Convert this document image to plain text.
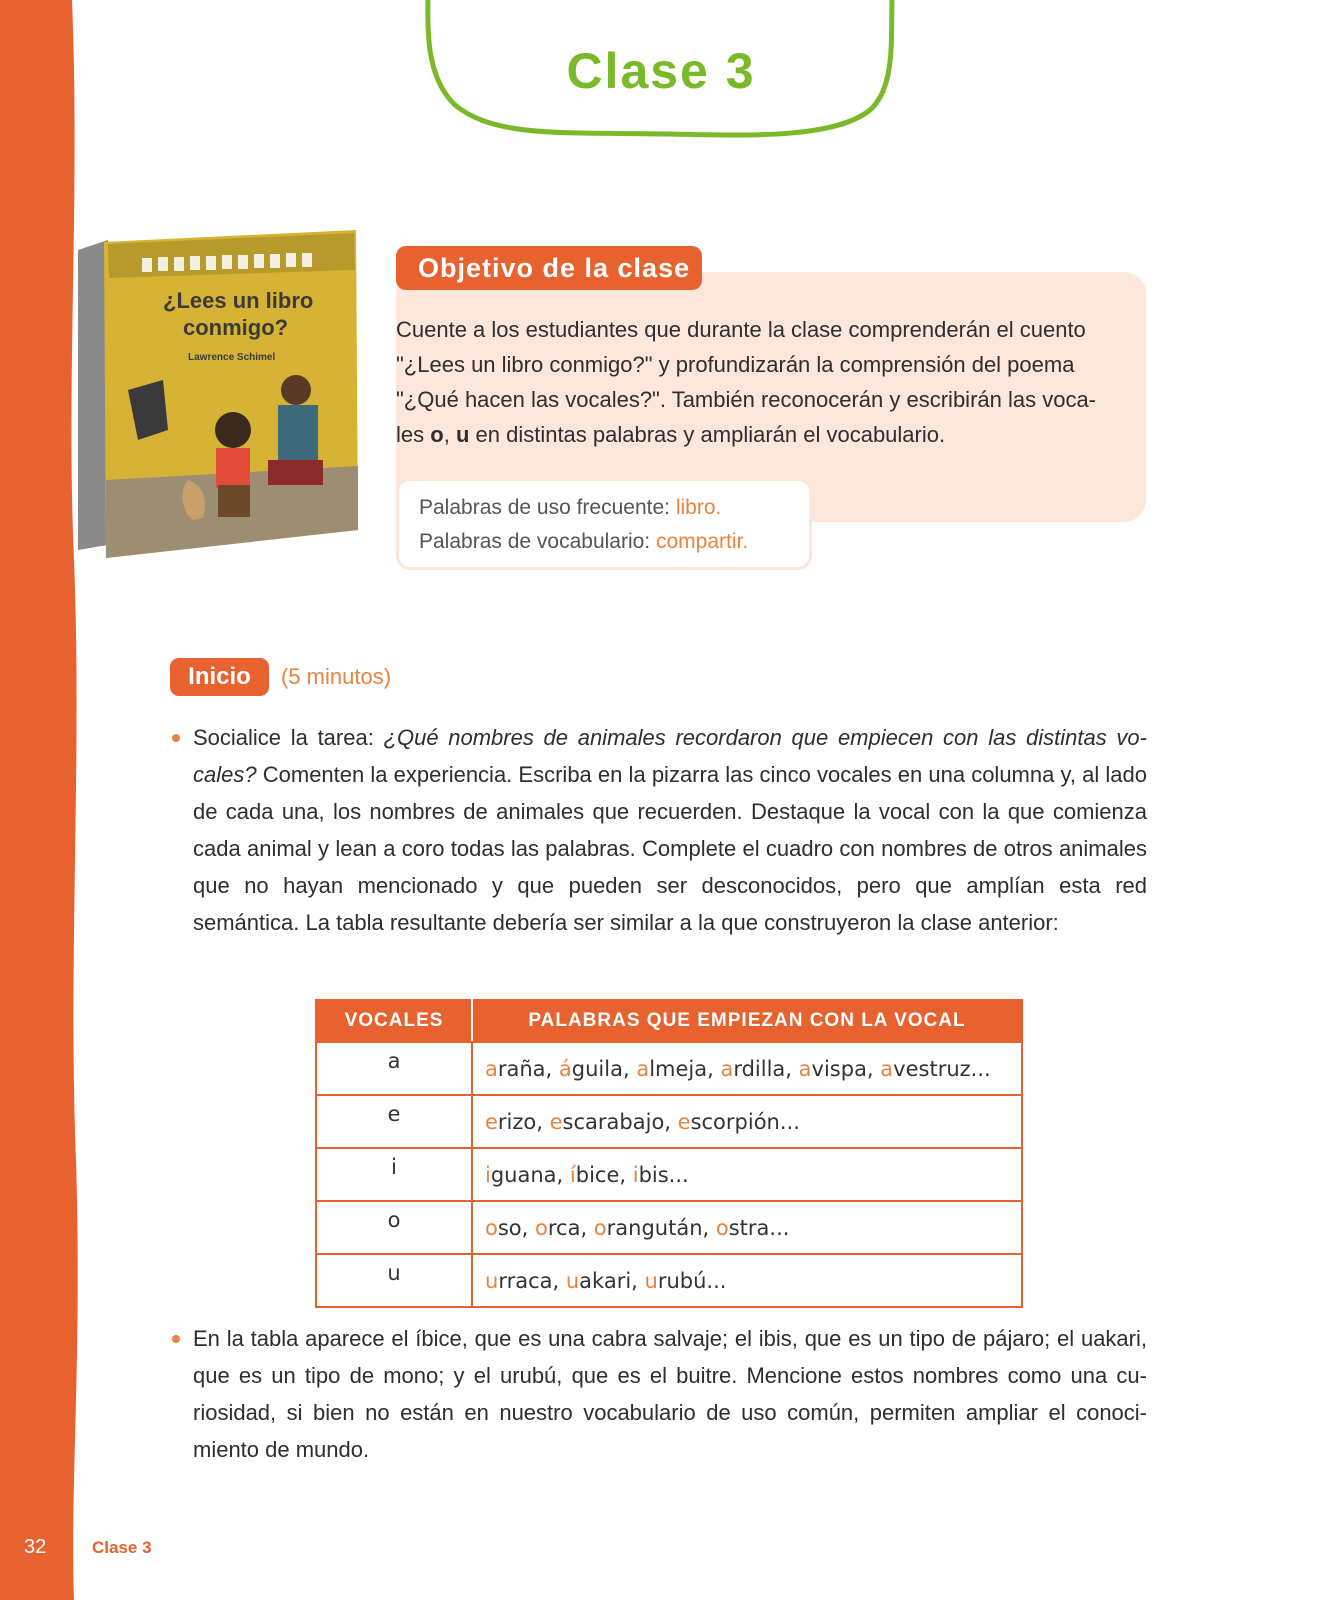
32	Clase 3
Clase 3
¿Lees un libro
conmigo?
Lawrence Schimel
Objetivo de la clase
Cuente a los estudiantes que durante la clase comprenderán el cuento "¿Lees un libro conmigo?" y profundizarán la comprensión del poema "¿Qué hacen las vocales?". También reconocerán y escribirán las voca-les o, u en distintas palabras y ampliarán el vocabulario.
Palabras de uso frecuente: libro.
Palabras de vocabulario: compartir.
Inicio	(5 minutos)
Socialice la tarea: ¿Qué nombres de animales recordaron que empiecen con las distintas vo-cales? Comenten la experiencia. Escriba en la pizarra las cinco vocales en una columna y, al lado de cada una, los nombres de animales que recuerden. Destaque la vocal con la que comienza cada animal y lean a coro todas las palabras. Complete el cuadro con nombres de otros animales que no hayan mencionado y que pueden ser desconocidos, pero que amplían esta red semántica. La tabla resultante debería ser similar a la que construyeron la clase anterior:
VOCALES	PALABRAS QUE EMPIEZAN CON LA VOCAL
a	araña, águila, almeja, ardilla, avispa, avestruz...
e	erizo, escarabajo, escorpión...
i	iguana, íbice, ibis...
o	oso, orca, orangután, ostra...
u	urraca, uakari, urubú...
En la tabla aparece el íbice, que es una cabra salvaje; el ibis, que es un tipo de pájaro; el uakari, que es un tipo de mono; y el urubú, que es el buitre. Mencione estos nombres como una cu-riosidad, si bien no están en nuestro vocabulario de uso común, permiten ampliar el conoci-miento de mundo.
